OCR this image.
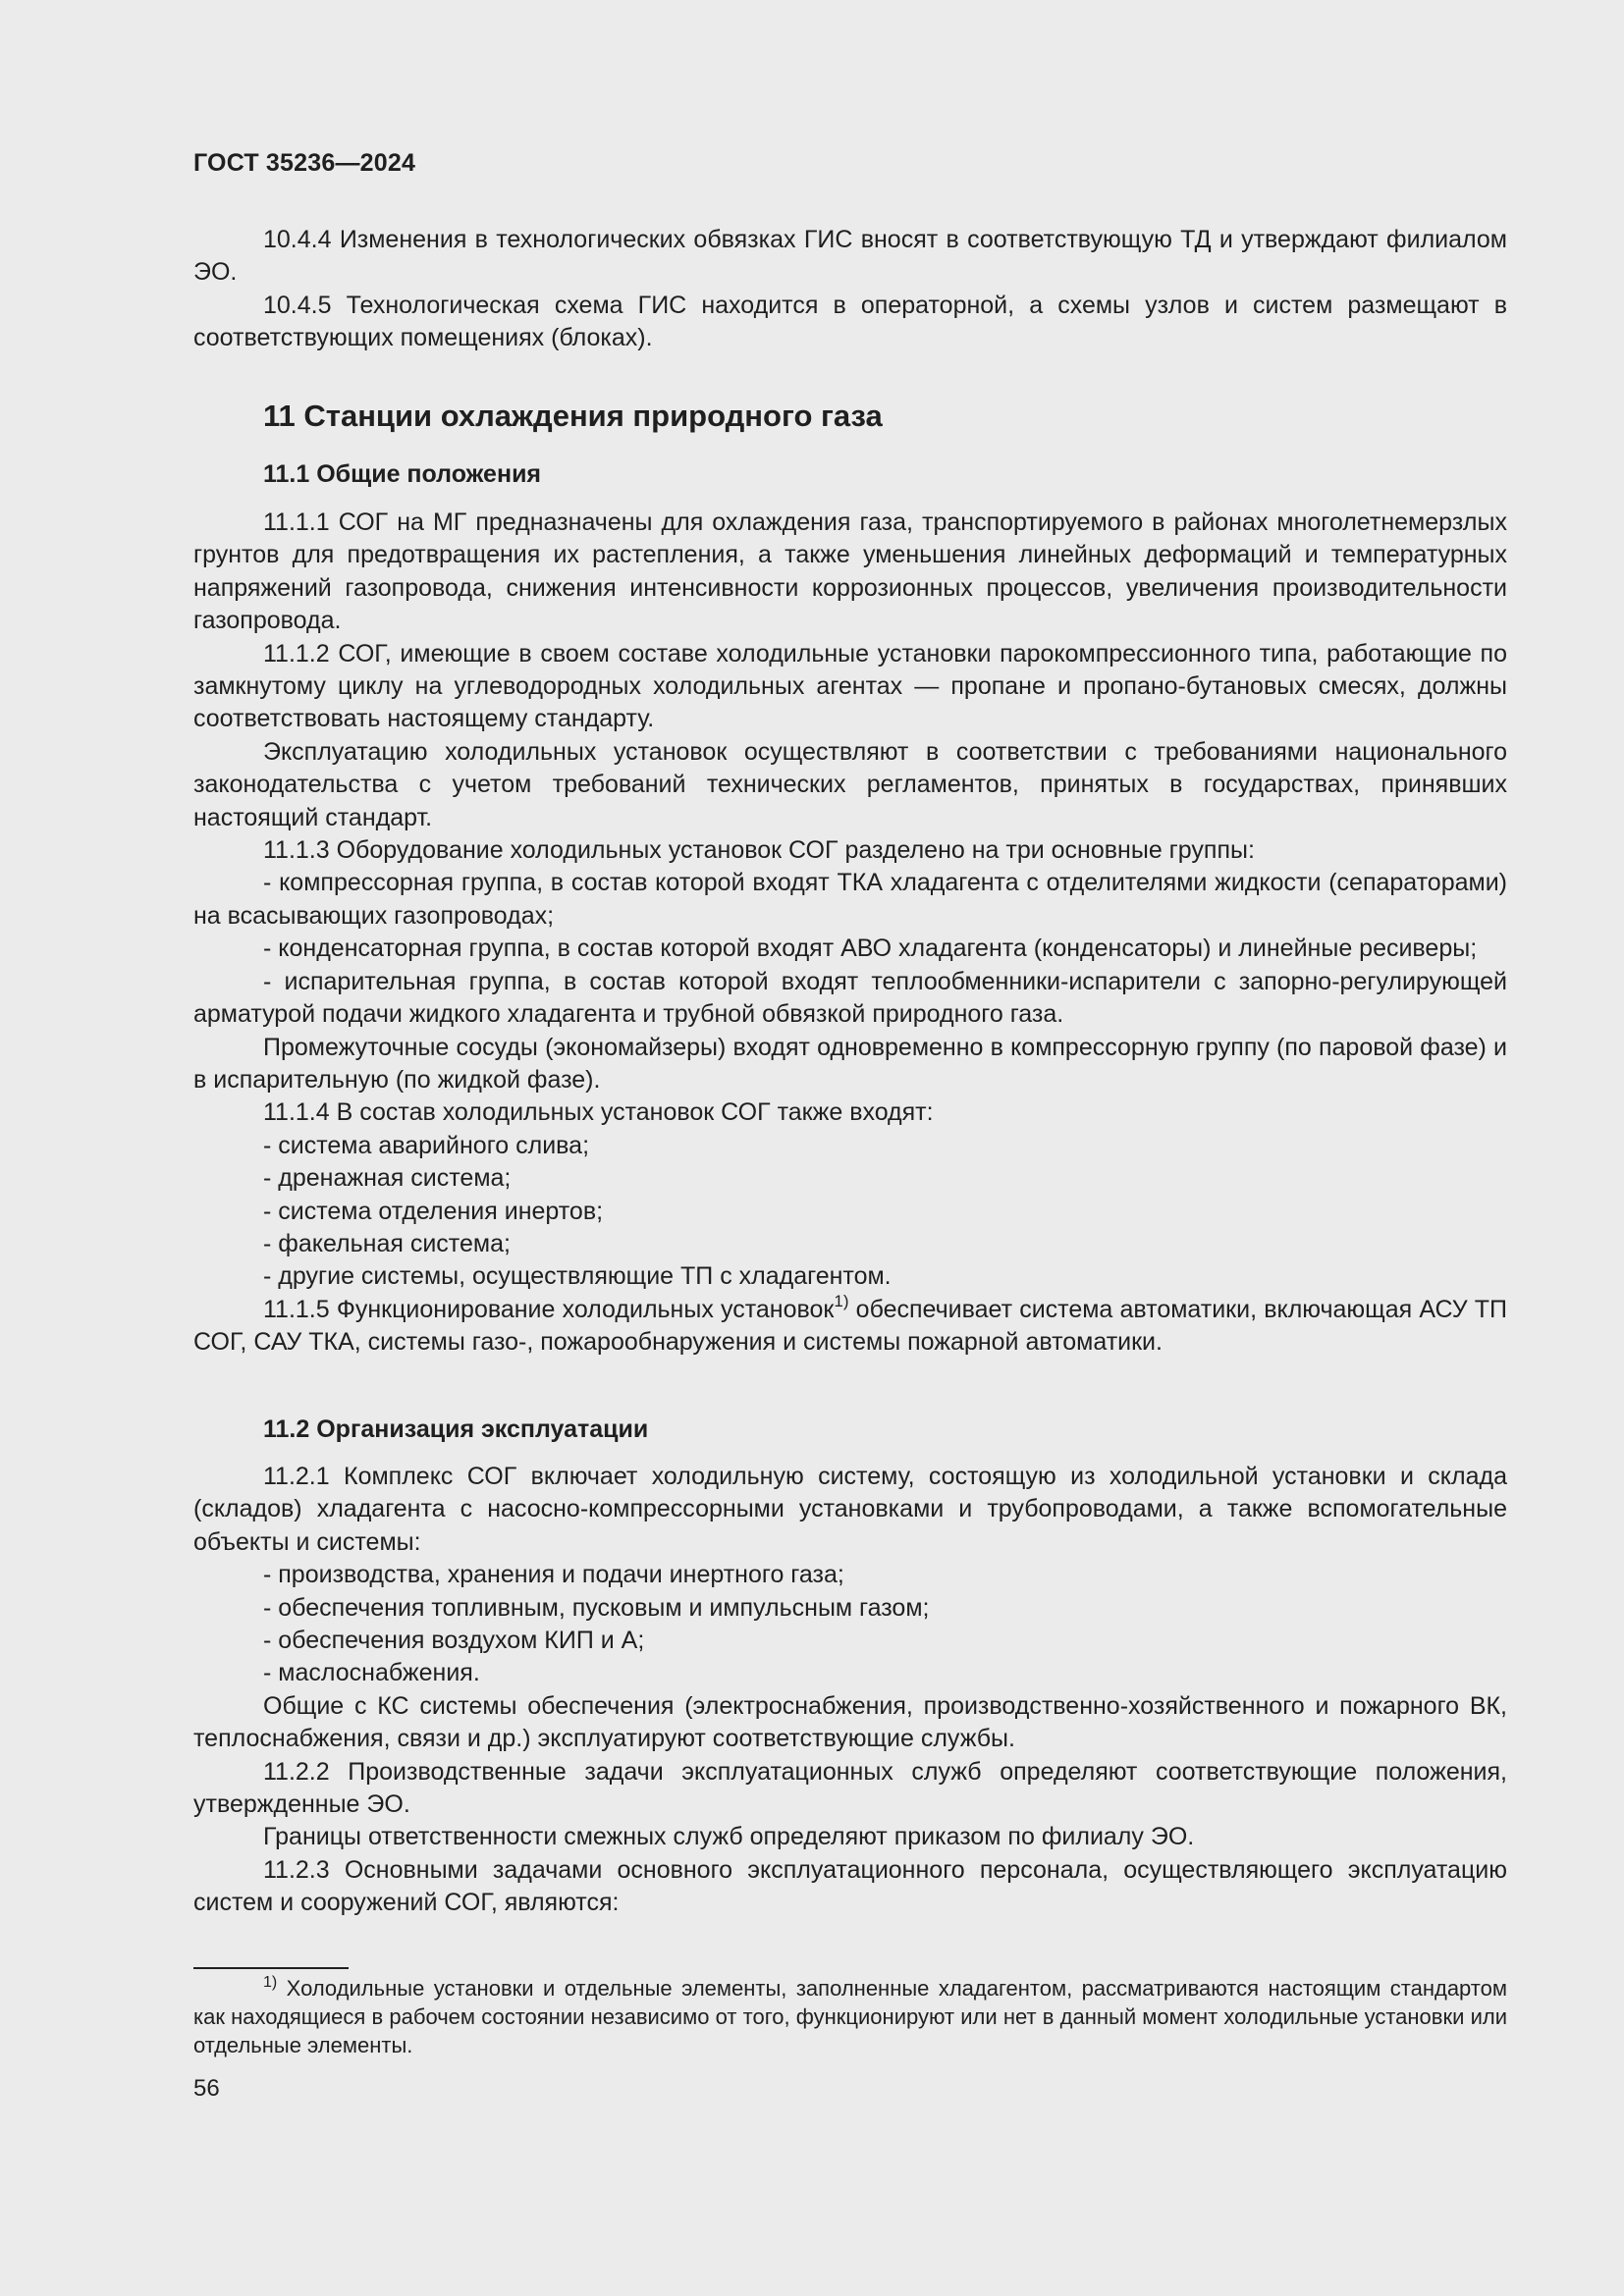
ГОСТ 35236—2024

10.4.4 Изменения в технологических обвязках ГИС вносят в соответствующую ТД и утверждают филиалом ЭО.

10.4.5 Технологическая схема ГИС находится в операторной, а схемы узлов и систем размещают в соответствующих помещениях (блоках).

11 Станции охлаждения природного газа
11.1 Общие положения

11.1.1 СОГ на МГ предназначены для охлаждения газа, транспортируемого в районах многолетнемерзлых грунтов для предотвращения их растепления, а также уменьшения линейных деформаций и температурных напряжений газопровода, снижения интенсивности коррозионных процессов, увеличения производительности газопровода.

11.1.2 СОГ, имеющие в своем составе холодильные установки парокомпрессионного типа, работающие по замкнутому циклу на углеводородных холодильных агентах — пропане и пропано-бутановых смесях, должны соответствовать настоящему стандарту.

Эксплуатацию холодильных установок осуществляют в соответствии с требованиями национального законодательства с учетом требований технических регламентов, принятых в государствах, принявших настоящий стандарт.

11.1.3 Оборудование холодильных установок СОГ разделено на три основные группы:

- компрессорная группа, в состав которой входят ТКА хладагента с отделителями жидкости (сепараторами) на всасывающих газопроводах;

- конденсаторная группа, в состав которой входят АВО хладагента (конденсаторы) и линейные ресиверы;

- испарительная группа, в состав которой входят теплообменники-испарители с запорно-регулирующей арматурой подачи жидкого хладагента и трубной обвязкой природного газа.

Промежуточные сосуды (экономайзеры) входят одновременно в компрессорную группу (по паровой фазе) и в испарительную (по жидкой фазе).

11.1.4 В состав холодильных установок СОГ также входят:

- система аварийного слива;

- дренажная система;

- система отделения инертов;

- факельная система;

- другие системы, осуществляющие ТП с хладагентом.

11.1.5 Функционирование холодильных установок$^{1)}$ обеспечивает система автоматики, включающая АСУ ТП СОГ, САУ ТКА, системы газо-, пожарообнаружения и системы пожарной автоматики.

11.2 Организация эксплуатации

11.2.1 Комплекс СОГ включает холодильную систему, состоящую из холодильной установки и склада (складов) хладагента с насосно-компрессорными установками и трубопроводами, а также вспомогательные объекты и системы:

- производства, хранения и подачи инертного газа;

- обеспечения топливным, пусковым и импульсным газом;

- обеспечения воздухом КИП и А;

- маслоснабжения.

Общие с КС системы обеспечения (электроснабжения, производственно-хозяйственного и пожарного ВК, теплоснабжения, связи и др.) эксплуатируют соответствующие службы.

11.2.2 Производственные задачи эксплуатационных служб определяют соответствующие положения, утвержденные ЭО.

Границы ответственности смежных служб определяют приказом по филиалу ЭО.

11.2.3 Основными задачами основного эксплуатационного персонала, осуществляющего эксплуатацию систем и сооружений СОГ, являются:

$^{1)}$ Холодильные установки и отдельные элементы, заполненные хладагентом, рассматриваются настоящим стандартом как находящиеся в рабочем состоянии независимо от того, функционируют или нет в данный момент холодильные установки или отдельные элементы.

56
